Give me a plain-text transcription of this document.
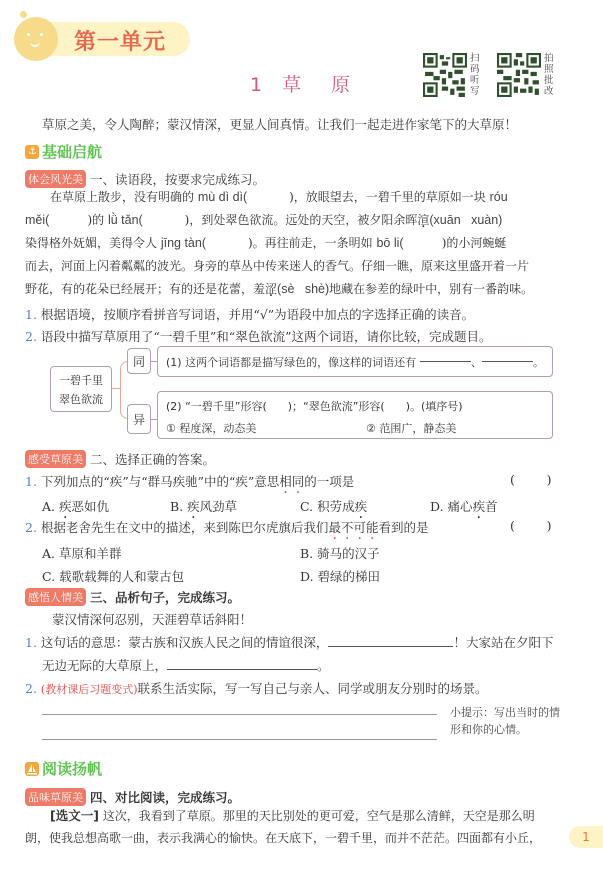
第一单元
1 草 原
扫
码
听
写
拍
照
批
改
草原之美，令人陶醉；蒙汉情深，更显人间真情。让我们一起走进作家笔下的大草原！
⚓ 基础启航
体会风光美 一、读语段，按要求完成练习。
在草原上散步，没有明确的 mù dì dì(           )，放眼望去，一碧千里的草原如一块 róu
měi(          )的 lǜ tǎn(           )，到处翠色欲流。远处的天空，被夕阳余晖渲(xuān   xuàn)
染得格外妩媚，美得令人 jīng tàn(           )。再往前走，一条明如 bō li(          )的小河蜿蜒
而去，河面上闪着粼粼的波光。身旁的草丛中传来迷人的香气。仔细一瞧，原来这里盛开着一片
野花，有的花朵已经展开；有的还是花蕾，羞涩(sè   shè)地藏在参差的绿叶中，别有一番韵味。
1. 根据语境，按顺序看拼音写词语，并用“√”为语段中加点的字选择正确的读音。
2. 语段中描写草原用了“一碧千里”和“翠色欲流”这两个词语，请你比较，完成题目。
一碧千里
翠色欲流
同
异
(1) 这两个词语都是描写绿色的，像这样的词语还有	、	。
(2) “一碧千里”形容(      )；“翠色欲流”形容(      )。(填序号)
① 程度深，动态美	② 范围广，静态美
感受草原美 二、选择正确的答案。
1. 下列加点的“疾”与“群马疾驰”中的“疾”意思相同的一项是	(        )
A. 疾恶如仇	B. 疾风劲草	C. 积劳成疾	D. 痛心疾首
2. 根据老舍先生在文中的描述，来到陈巴尔虎旗后我们最不可能看到的是	(        )
A. 草原和羊群	B. 骑马的汉子
C. 载歌载舞的人和蒙古包	D. 碧绿的梯田
感悟人情美 三、品析句子，完成练习。
蒙汉情深何忍别，天涯碧草话斜阳！
1. 这句话的意思：蒙古族和汉族人民之间的情谊很深，	！大家站在夕阳下
无边无际的大草原上，	。
2. (教材课后习题变式)联系生活实际，写一写自己与亲人、同学或朋友分别时的场景。
小提示：写出当时的情
形和你的心情。
阅读扬帆
品味草原美 四、对比阅读，完成练习。
[选文一] 这次，我看到了草原。那里的天比别处的更可爱，空气是那么清鲜，天空是那么明
朗，使我总想高歌一曲，表示我满心的愉快。在天底下，一碧千里，而并不茫茫。四面都有小丘，	1
